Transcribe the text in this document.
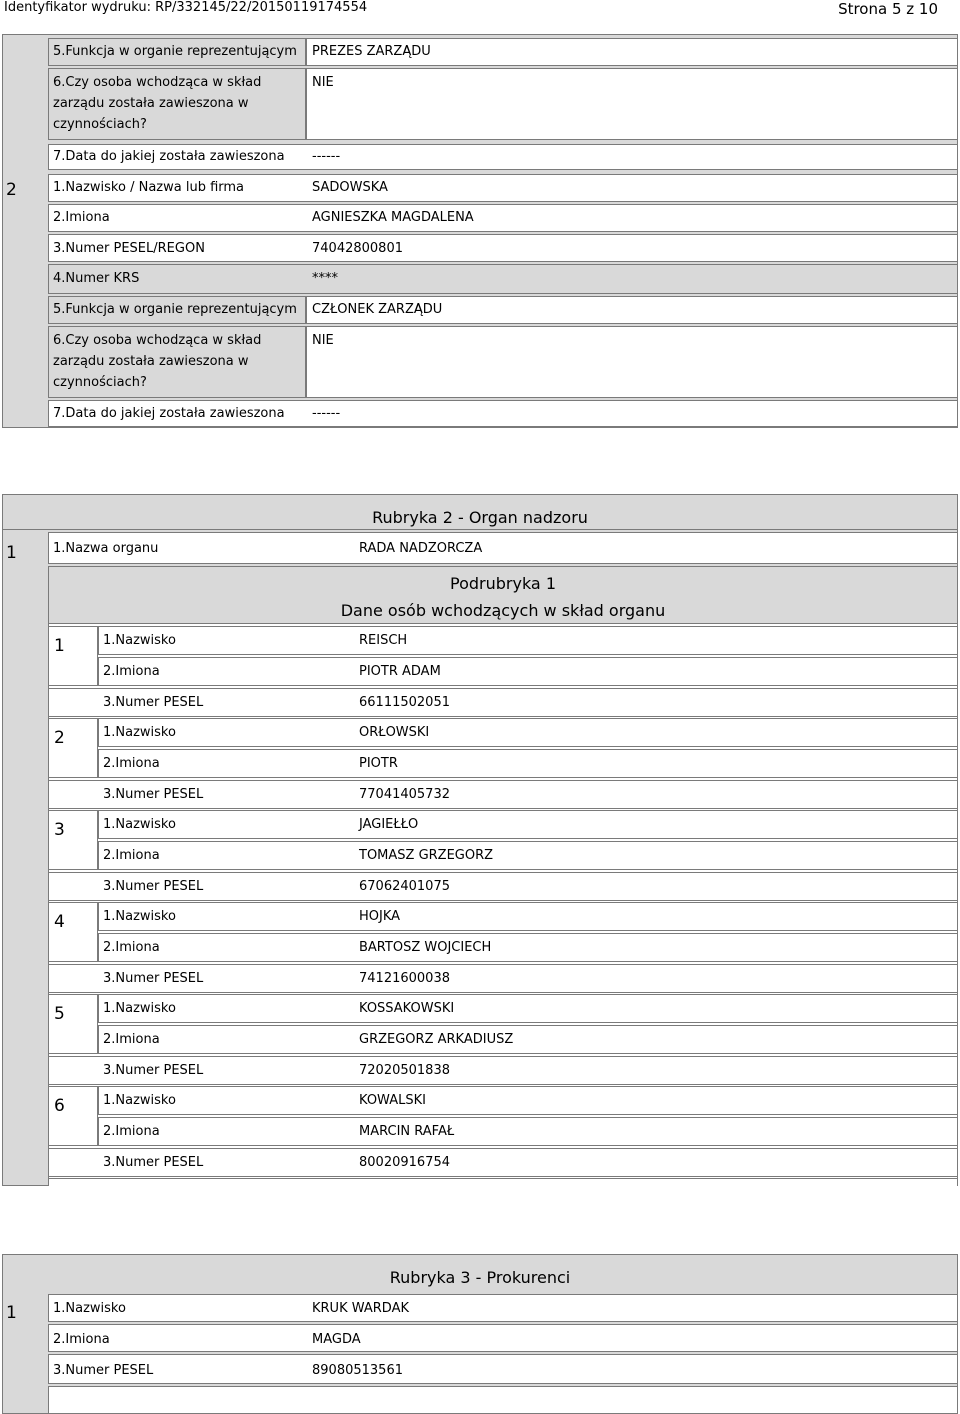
Identyfikator wydruku: RP/332145/22/20150119174554	Strona 5 z 10
5.Funkcja w organie reprezentującym PREZES ZARZĄDU
6.Czy osoba wchodząca w skład zarządu została zawieszona w czynnościach?
NIE
7.Data do jakiej została zawieszona ------
2	1.Nazwisko / Nazwa lub firma	SADOWSKA
2.Imiona	AGNIESZKA MAGDALENA
3.Numer PESEL/REGON	74042800801
4.Numer KRS	****
5.Funkcja w organie reprezentującym CZŁONEK ZARZĄDU
6.Czy osoba wchodząca w skład zarządu została zawieszona w czynnościach?
NIE
7.Data do jakiej została zawieszona ------
Rubryka 2 - Organ nadzoru
1	1.Nazwa organu	RADA NADZORCZA
Podrubryka 1
Dane osób wchodzących w skład organu
1	1.Nazwisko	REISCH
2.Imiona	PIOTR ADAM
3.Numer PESEL	66111502051
2	1.Nazwisko	ORŁOWSKI
2.Imiona	PIOTR
3.Numer PESEL	77041405732
3	1.Nazwisko	JAGIEŁŁO
2.Imiona	TOMASZ GRZEGORZ
3.Numer PESEL	67062401075
4	1.Nazwisko	HOJKA
2.Imiona	BARTOSZ WOJCIECH
3.Numer PESEL	74121600038
5	1.Nazwisko	KOSSAKOWSKI
2.Imiona	GRZEGORZ ARKADIUSZ
3.Numer PESEL	72020501838
6	1.Nazwisko	KOWALSKI
2.Imiona	MARCIN RAFAŁ
3.Numer PESEL	80020916754
Rubryka 3 - Prokurenci
1	1.Nazwisko	KRUK WARDAK
2.Imiona	MAGDA
3.Numer PESEL	89080513561
